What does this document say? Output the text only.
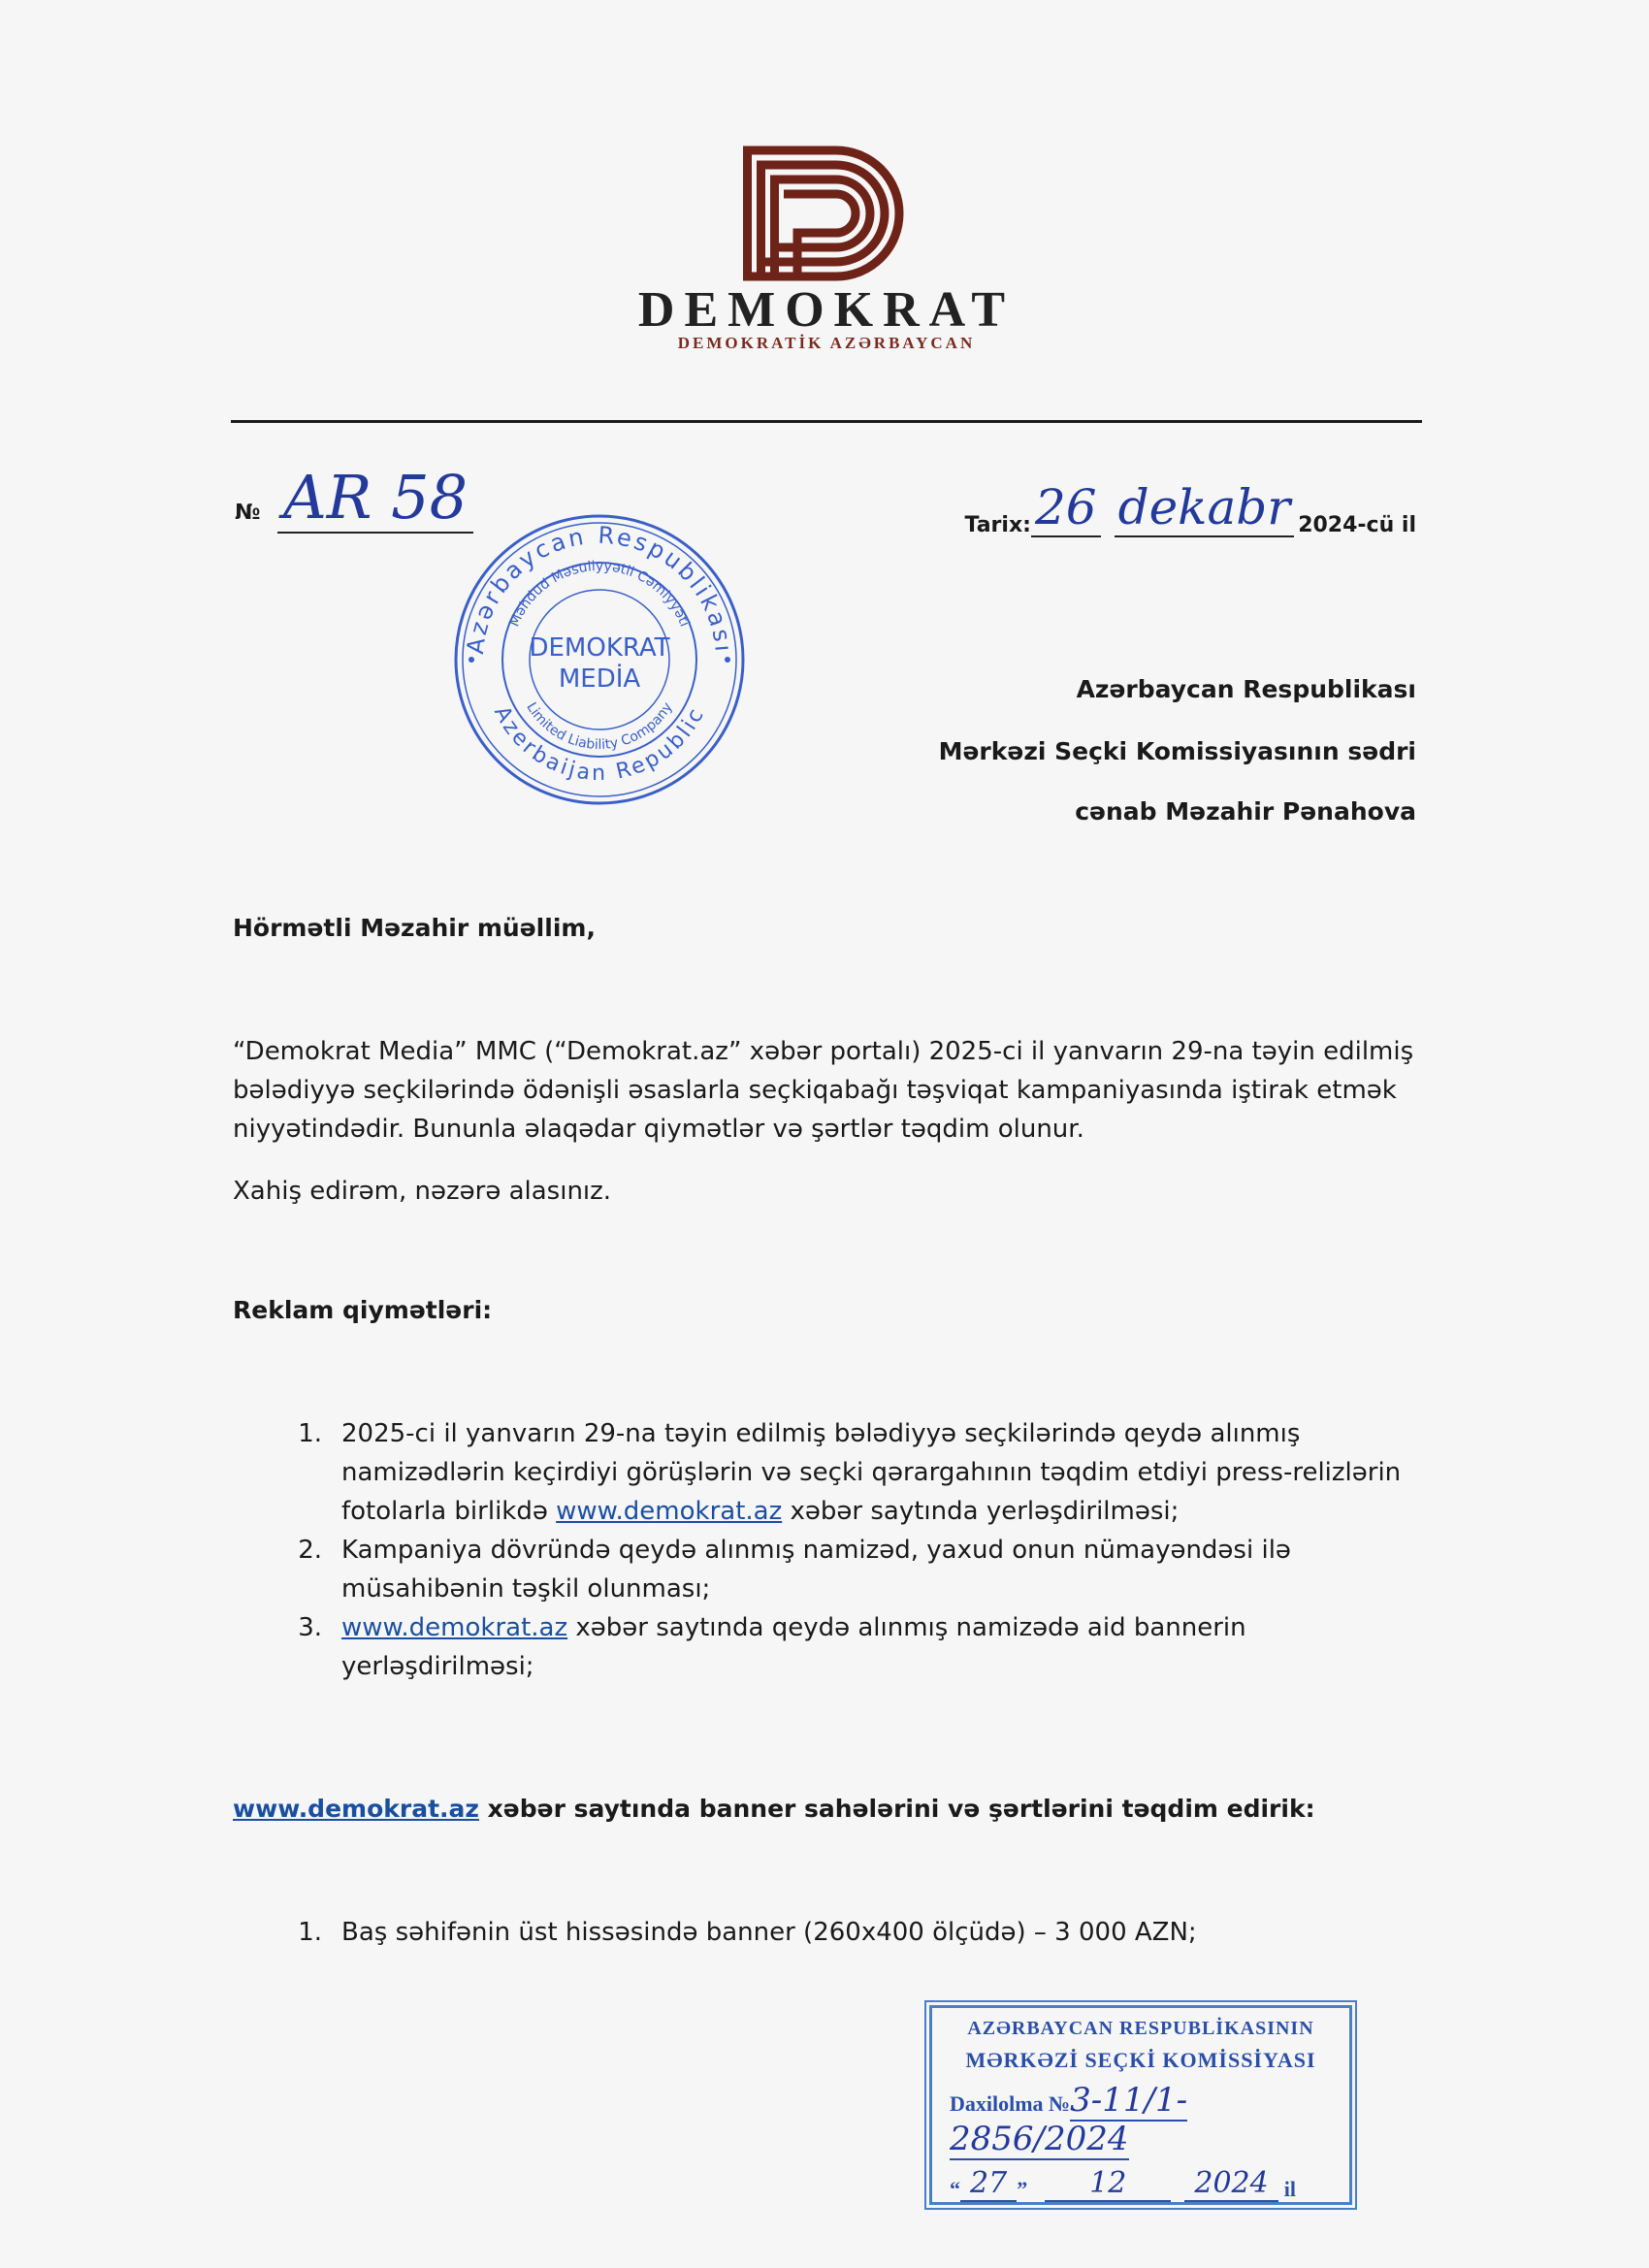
DEMOKRAT
DEMOKRATİK AZƏRBAYCAN
№ AR 58	Tarix: 26 dekabr 2024-cü il
Azərbaycan Respublikası
Azerbaijan Republic
Məhdud Məsuliyyətli Cəmiyyəti
Limited Liability Company
DEMOKRAT
MEDİA	Azərbaycan Respublikası
Mərkəzi Seçki Komissiyasının sədri
cənab Məzahir Pənahova
Hörmətli Məzahir müəllim,
“Demokrat Media” MMC (“Demokrat.az” xəbər portalı) 2025-ci il yanvarın 29-na təyin edilmiş bələdiyyə seçkilərində ödənişli əsaslarla seçkiqabağı təşviqat kampaniyasında iştirak etmək niyyətindədir. Bununla əlaqədar qiymətlər və şərtlər təqdim olunur.
Xahiş edirəm, nəzərə alasınız.
Reklam qiymətləri:
1. 2025-ci il yanvarın 29-na təyin edilmiş bələdiyyə seçkilərində qeydə alınmış namizədlərin keçirdiyi görüşlərin və seçki qərargahının təqdim etdiyi press-relizlərin fotolarla birlikdə www.demokrat.az xəbər saytında yerləşdirilməsi;
2. Kampaniya dövründə qeydə alınmış namizəd, yaxud onun nümayəndəsi ilə müsahibənin təşkil olunması;
3. www.demokrat.az xəbər saytında qeydə alınmış namizədə aid bannerin yerləşdirilməsi;
www.demokrat.az xəbər saytında banner sahələrini və şərtlərini təqdim edirik:
1. Baş səhifənin üst hissəsində banner (260x400 ölçüdə) – 3 000 AZN;
AZƏRBAYCAN RESPUBLİKASININ
MƏRKƏZİ SEÇKİ KOMİSSİYASI
Daxilolma №3-11/1-2856/2024
“ 27 ”	12	2024 il
